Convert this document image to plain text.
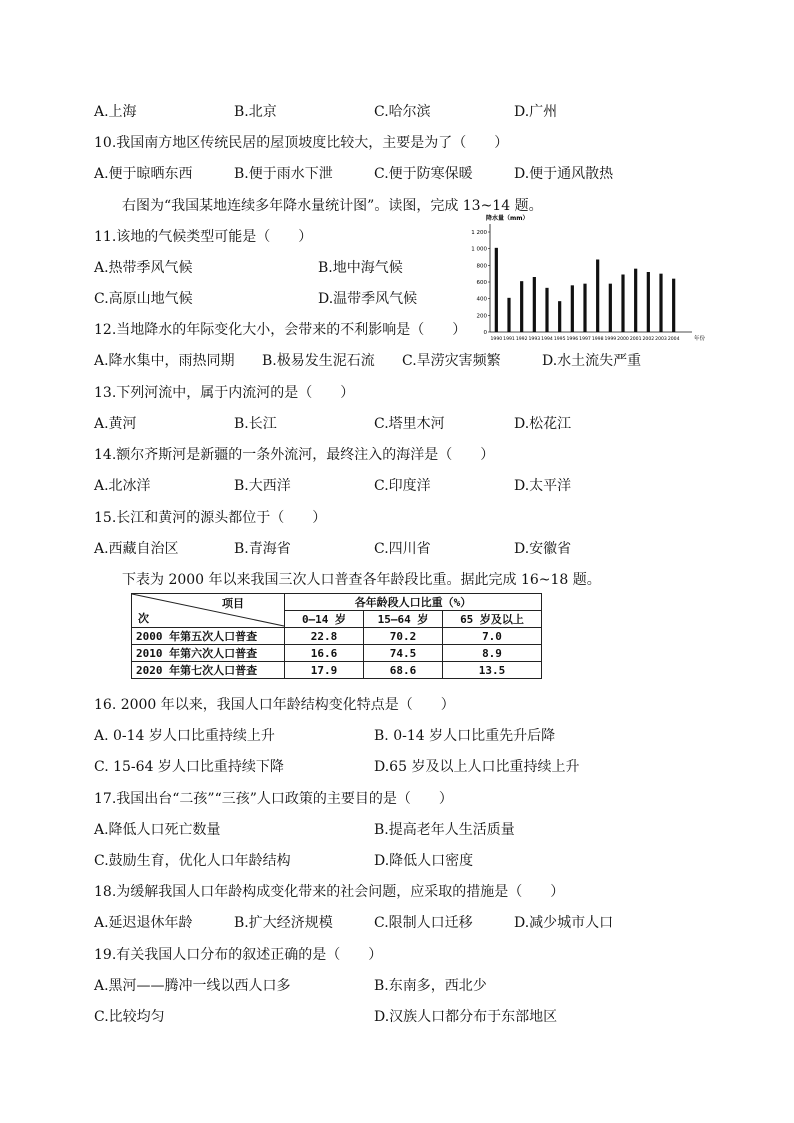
A.上海	B.北京	C.哈尔滨	D.广州
10.我国南方地区传统民居的屋顶坡度比较大，主要是为了（　　）
A.便于晾晒东西	B.便于雨水下泄	C.便于防寒保暖	D.便于通风散热
右图为“我国某地连续多年降水量统计图”。读图，完成 13~14 题。
11.该地的气候类型可能是（　　）
A.热带季风气候	B.地中海气候
C.高原山地气候	D.温带季风气候
降水量（mm）
0
200
400
600
800
1 000
1 200
1990 1991 1992 1993 1994 1995 1996 1997 1998 1999 2000 2001 2002 2003 2004	年份
12.当地降水的年际变化大小，会带来的不利影响是（　　）
A.降水集中，雨热同期 B.极易发生泥石流 C.旱涝灾害频繁	D.水土流失严重
13.下列河流中，属于内流河的是（　　）
A.黄河	B.长江	C.塔里木河	D.松花江
14.额尔齐斯河是新疆的一条外流河，最终注入的海洋是（　　）
A.北冰洋	B.大西洋	C.印度洋	D.太平洋
15.长江和黄河的源头都位于（　　）
A.西藏自治区	B.青海省	C.四川省	D.安徽省
下表为 2000 年以来我国三次人口普查各年龄段比重。据此完成 16~18 题。
项目
次	各年龄段人口比重（%）		
	0—14 岁	15—64 岁	65 岁及以上
2000 年第五次人口普查	22.8	70.2	7.0
2010 年第六次人口普查	16.6	74.5	8.9
2020 年第七次人口普查	17.9	68.6	13.5
16. 2000 年以来，我国人口年龄结构变化特点是（　　）
A. 0-14 岁人口比重持续上升	B. 0-14 岁人口比重先升后降
C. 15-64 岁人口比重持续下降	D.65 岁及以上人口比重持续上升
17.我国出台“二孩”“三孩”人口政策的主要目的是（　　）
A.降低人口死亡数量	B.提高老年人生活质量
C.鼓励生育，优化人口年龄结构	D.降低人口密度
18.为缓解我国人口年龄构成变化带来的社会问题，应采取的措施是（　　）
A.延迟退休年龄	B.扩大经济规模	C.限制人口迁移	D.减少城市人口
19.有关我国人口分布的叙述正确的是（　　）
A.黑河——腾冲一线以西人口多	B.东南多，西北少
C.比较均匀	D.汉族人口都分布于东部地区
